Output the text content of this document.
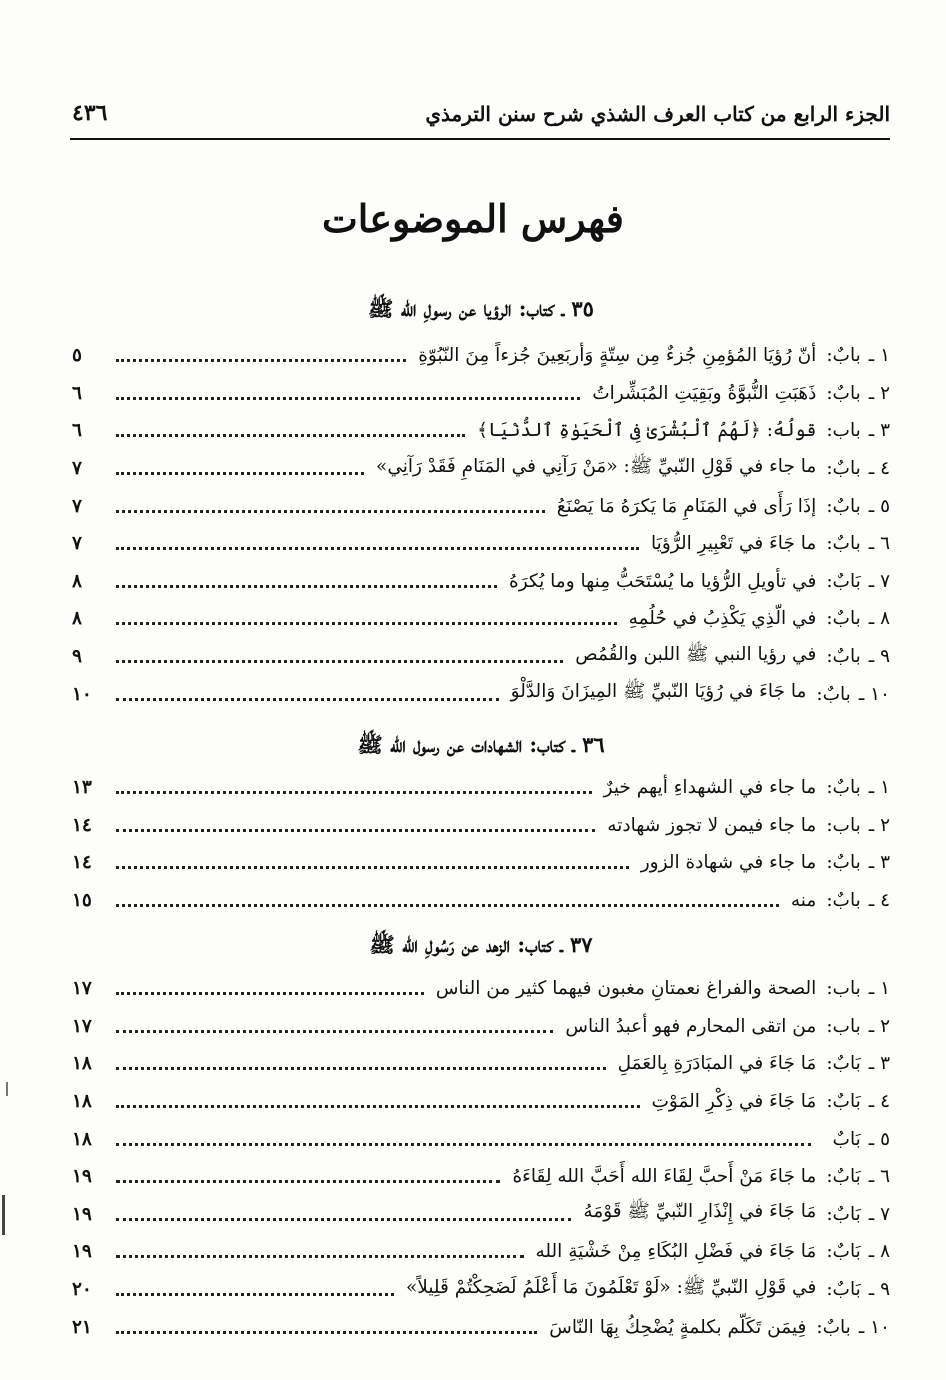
الجزء الرابع من كتاب العرف الشذي شرح سنن الترمذي
٤٣٦
فهرس الموضوعات
٣٥ ـ كتاب: الرؤيا عن رسولِ الله ﷺ
١ ـ
بابٌ:
أنّ رُؤيَا المُؤمِنِ جُزءٌ مِن سِتّةٍ وَأربَعِينَ جُزءاً مِنَ النّبُوّةِ
٥
٢ ـ
بابٌ:
ذَهَبَتِ النُّبوَّةُ وبَقِيَتِ المُبَشِّراتُ
٦
٣ ـ
باب:
قولُهُ: ﴿لَهُمُ ٱلْبُشْرَىٰ فِى ٱلْحَيَوٰةِ ٱلدُّنْيَا﴾
٦
٤ ـ
بابٌ:
ما جاء في قَوْلِ النّبيِّ ﷺ: «مَنْ رَآنِي في المَنَامِ فَقَدْ رَآنِي»
٧
٥ ـ
بابٌ:
إذَا رَأَى في المَنَامِ مَا يَكرَهُ مَا يَصْنَعُ
٧
٦ ـ
بابٌ:
ما جَاءَ في تَعْبِيرِ الرُّؤيَا
٧
٧ ـ
بَابٌ:
في تأويلِ الرُّؤيا ما يُسْتَحَبُّ مِنها وما يُكرَهُ
٨
٨ ـ
بابٌ:
في الّذِي يَكْذِبُ في حُلُمِهِ
٨
٩ ـ
بابٌ:
في رؤيا النبي ﷺ اللبن والقُمُص
٩
١٠ ـ
بابٌ:
ما جَاءَ في رُؤيَا النّبيِّ ﷺ المِيزَانَ وَالدَّلْوَ
١٠
٣٦ ـ كتاب: الشهادات عن رسول الله ﷺ
١ ـ
بابٌ:
ما جاء في الشهداءِ أيهم خيرٌ
١٣
٢ ـ
باب:
ما جاء فيمن لا تجوز شهادته
١٤
٣ ـ
بابٌ:
ما جاء في شهادة الزور
١٤
٤ ـ
بابٌ:
منه
١٥
٣٧ ـ كتاب: الزهد عن رَسُولِ الله ﷺ
١ ـ
باب:
الصحة والفراغ نعمتانِ مغبون فيهما كثير من الناس
١٧
٢ ـ
باب:
من اتقى المحارم فهو أعبدُ الناس
١٧
٣ ـ
بَابٌ:
مَا جَاءَ في المبَادَرَةِ بِالعَمَلِ
١٨
٤ ـ
بَابٌ:
مَا جَاءَ في ذِكْرِ المَوْتِ
١٨
٥ ـ
بَابٌ
١٨
٦ ـ
بَابٌ:
ما جَاءَ مَنْ أَحبَّ لِقَاءَ الله أَحَبَّ الله لِقَاءَهُ
١٩
٧ ـ
بَابٌ:
مَا جَاءَ في إِنْذَارِ النّبيِّ ﷺ قَوْمَهُ
١٩
٨ ـ
بَابٌ:
مَا جَاءَ في فَضْلِ البُكَاءِ مِنْ خَشْيَةِ الله
١٩
٩ ـ
بَابٌ:
في قَوْلِ النّبيِّ ﷺ: «لَوْ تَعْلَمُونَ مَا أَعْلَمُ لَضَحِكْتُمْ قَلِيلاً»
٢٠
١٠ ـ
بابٌ:
فِيمَن تَكَلّم بكلمةٍ يُضْحِكُ بِهَا النّاسَ
٢١
